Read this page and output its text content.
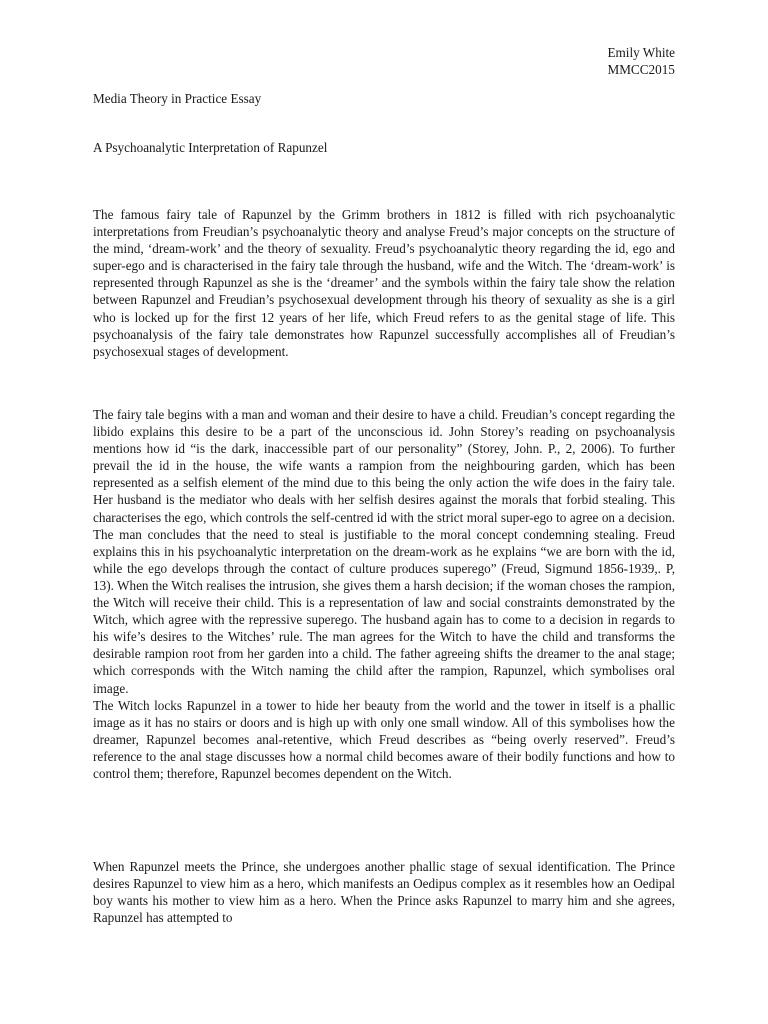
Emily White
MMCC2015
Media Theory in Practice Essay
A Psychoanalytic Interpretation of Rapunzel

The famous fairy tale of Rapunzel by the Grimm brothers in 1812 is filled with rich psychoanalytic interpretations from Freudian’s psychoanalytic theory and analyse Freud’s major concepts on the structure of the mind, ‘dream-work’ and the theory of sexuality. Freud’s psychoanalytic theory regarding the id, ego and super-ego and is characterised in the fairy tale through the husband, wife and the Witch. The ‘dream-work’ is represented through Rapunzel as she is the ‘dreamer’ and the symbols within the fairy tale show the relation between Rapunzel and Freudian’s psychosexual development through his theory of sexuality as she is a girl who is locked up for the first 12 years of her life, which Freud refers to as the genital stage of life. This psychoanalysis of the fairy tale demonstrates how Rapunzel successfully accomplishes all of Freudian’s psychosexual stages of development.

The fairy tale begins with a man and woman and their desire to have a child. Freudian’s concept regarding the libido explains this desire to be a part of the unconscious id. John Storey’s reading on psychoanalysis mentions how id “is the dark, inaccessible part of our personality” (Storey, John. P., 2, 2006). To further prevail the id in the house, the wife wants a rampion from the neighbouring garden, which has been represented as a selfish element of the mind due to this being the only action the wife does in the fairy tale. Her husband is the mediator who deals with her selfish desires against the morals that forbid stealing. This characterises the ego, which controls the self-centred id with the strict moral super-ego to agree on a decision. The man concludes that the need to steal is justifiable to the moral concept condemning stealing. Freud explains this in his psychoanalytic interpretation on the dream-work as he explains “we are born with the id, while the ego develops through the contact of culture produces superego” (Freud, Sigmund 1856-1939,. P, 13). When the Witch realises the intrusion, she gives them a harsh decision; if the woman choses the rampion, the Witch will receive their child. This is a representation of law and social constraints demonstrated by the Witch, which agree with the repressive superego. The husband again has to come to a decision in regards to his wife’s desires to the Witches’ rule. The man agrees for the Witch to have the child and transforms the desirable rampion root from her garden into a child. The father agreeing shifts the dreamer to the anal stage; which corresponds with the Witch naming the child after the rampion, Rapunzel, which symbolises oral image.

The Witch locks Rapunzel in a tower to hide her beauty from the world and the tower in itself is a phallic image as it has no stairs or doors and is high up with only one small window. All of this symbolises how the dreamer, Rapunzel becomes anal-retentive, which Freud describes as “being overly reserved”. Freud’s reference to the anal stage discusses how a normal child becomes aware of their bodily functions and how to control them; therefore, Rapunzel becomes dependent on the Witch.

When Rapunzel meets the Prince, she undergoes another phallic stage of sexual identification. The Prince desires Rapunzel to view him as a hero, which manifests an Oedipus complex as it resembles how an Oedipal boy wants his mother to view him as a hero. When the Prince asks Rapunzel to marry him and she agrees, Rapunzel has attempted to
